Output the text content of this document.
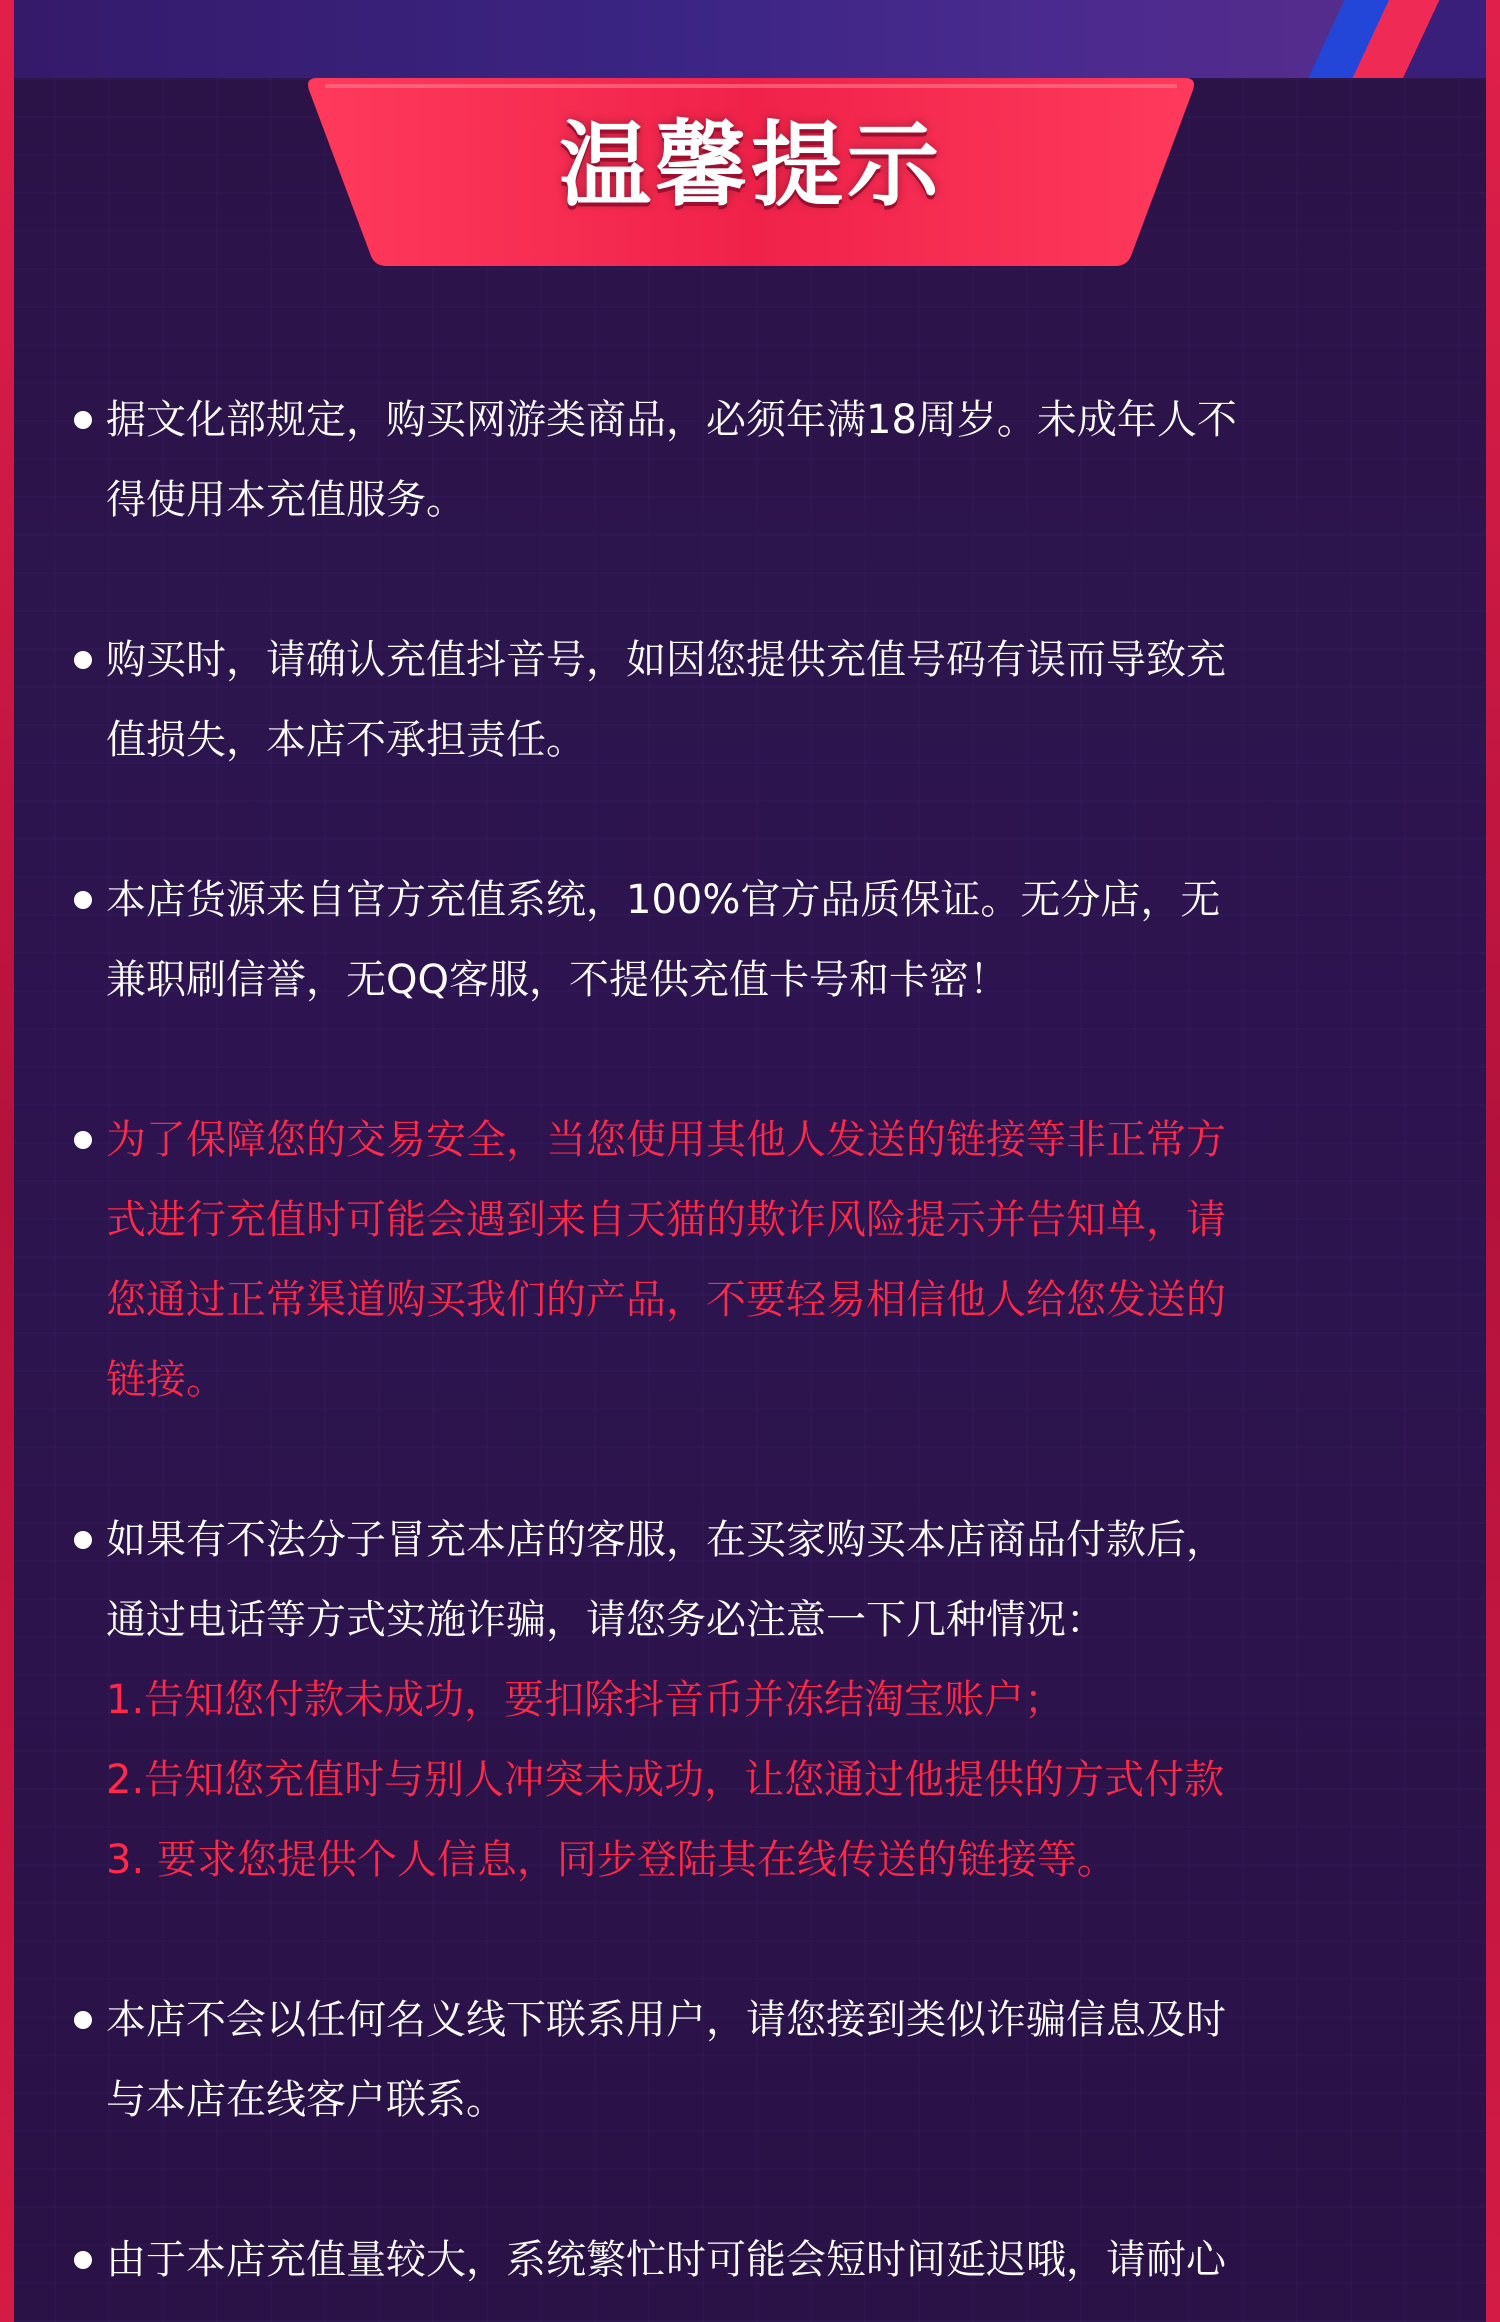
温馨提示
据文化部规定，购买网游类商品，必须年满18周岁。未成年人不
得使用本充值服务。
购买时，请确认充值抖音号，如因您提供充值号码有误而导致充
值损失，本店不承担责任。
本店货源来自官方充值系统，100%官方品质保证。无分店，无
兼职刷信誉，无QQ客服，不提供充值卡号和卡密！
为了保障您的交易安全，当您使用其他人发送的链接等非正常方
式进行充值时可能会遇到来自天猫的欺诈风险提示并告知单，请
您通过正常渠道购买我们的产品，不要轻易相信他人给您发送的
链接。
如果有不法分子冒充本店的客服，在买家购买本店商品付款后，
通过电话等方式实施诈骗，请您务必注意一下几种情况：
1.告知您付款未成功，要扣除抖音币并冻结淘宝账户；
2.告知您充值时与别人冲突未成功，让您通过他提供的方式付款
3. 要求您提供个人信息，同步登陆其在线传送的链接等。
本店不会以任何名义线下联系用户，请您接到类似诈骗信息及时
与本店在线客户联系。
由于本店充值量较大，系统繁忙时可能会短时间延迟哦，请耐心
